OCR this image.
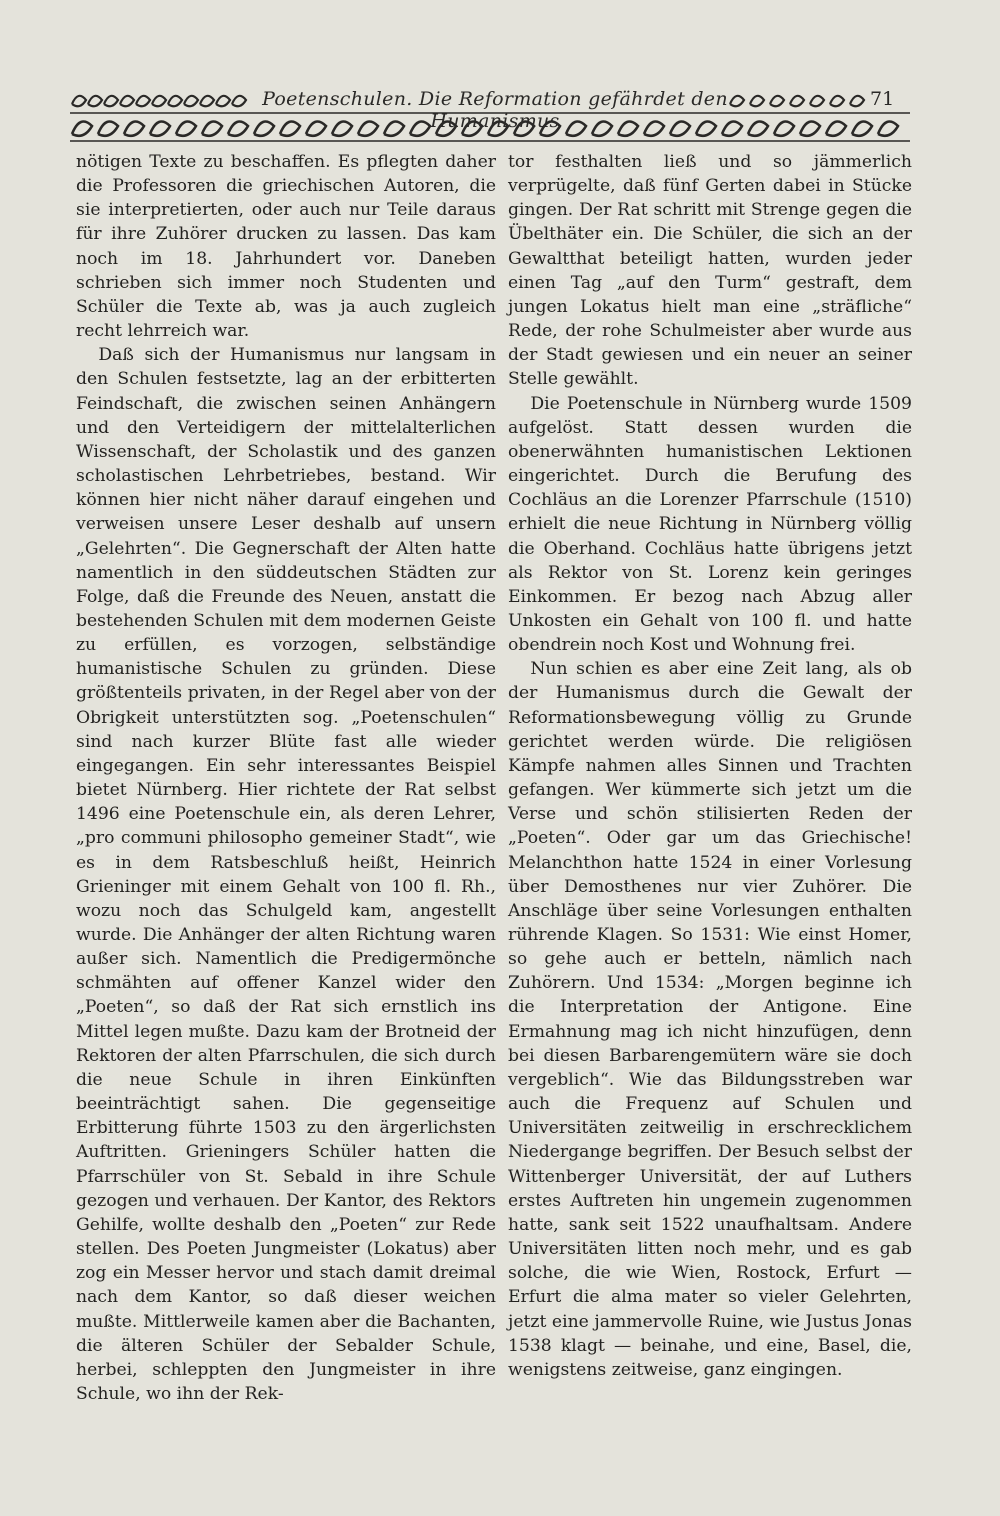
Poetenschulen. Die Reformation gefährdet den Humanismus
71

nötigen Texte zu beschaffen. Es pflegten daher die Professoren die griechischen Autoren, die sie interpretierten, oder auch nur Teile daraus für ihre Zuhörer drucken zu lassen. Das kam noch im 18. Jahrhundert vor. Daneben schrieben sich immer noch Studenten und Schüler die Texte ab, was ja auch zugleich recht lehrreich war.

Daß sich der Humanismus nur langsam in den Schulen festsetzte, lag an der erbitterten Feindschaft, die zwischen seinen Anhängern und den Verteidigern der mittelalterlichen Wissenschaft, der Scholastik und des ganzen scholastischen Lehrbetriebes, bestand. Wir können hier nicht näher darauf eingehen und verweisen unsere Leser deshalb auf unsern „Gelehrten“. Die Gegnerschaft der Alten hatte namentlich in den süddeutschen Städten zur Folge, daß die Freunde des Neuen, anstatt die bestehenden Schulen mit dem modernen Geiste zu erfüllen, es vorzogen, selbständige humanistische Schulen zu gründen. Diese größtenteils privaten, in der Regel aber von der Obrigkeit unterstützten sog. „Poetenschulen“ sind nach kurzer Blüte fast alle wieder eingegangen. Ein sehr interessantes Beispiel bietet Nürnberg. Hier richtete der Rat selbst 1496 eine Poetenschule ein, als deren Lehrer, „pro communi philosopho gemeiner Stadt“, wie es in dem Ratsbeschluß heißt, Heinrich Grieninger mit einem Gehalt von 100 fl. Rh., wozu noch das Schulgeld kam, angestellt wurde. Die Anhänger der alten Richtung waren außer sich. Namentlich die Predigermönche schmähten auf offener Kanzel wider den „Poeten“, so daß der Rat sich ernstlich ins Mittel legen mußte. Dazu kam der Brotneid der Rektoren der alten Pfarrschulen, die sich durch die neue Schule in ihren Einkünften beeinträchtigt sahen. Die gegenseitige Erbitterung führte 1503 zu den ärgerlichsten Auftritten. Grieningers Schüler hatten die Pfarrschüler von St. Sebald in ihre Schule gezogen und verhauen. Der Kantor, des Rektors Gehilfe, wollte deshalb den „Poeten“ zur Rede stellen. Des Poeten Jungmeister (Lokatus) aber zog ein Messer hervor und stach damit dreimal nach dem Kantor, so daß dieser weichen mußte. Mittlerweile kamen aber die Bachanten, die älteren Schüler der Sebalder Schule, herbei, schleppten den Jungmeister in ihre Schule, wo ihn der Rek-

tor festhalten ließ und so jämmerlich verprügelte, daß fünf Gerten dabei in Stücke gingen. Der Rat schritt mit Strenge gegen die Übelthäter ein. Die Schüler, die sich an der Gewaltthat beteiligt hatten, wurden jeder einen Tag „auf den Turm“ gestraft, dem jungen Lokatus hielt man eine „sträfliche“ Rede, der rohe Schulmeister aber wurde aus der Stadt gewiesen und ein neuer an seiner Stelle gewählt.

Die Poetenschule in Nürnberg wurde 1509 aufgelöst. Statt dessen wurden die obenerwähnten humanistischen Lektionen eingerichtet. Durch die Berufung des Cochläus an die Lorenzer Pfarrschule (1510) erhielt die neue Richtung in Nürnberg völlig die Oberhand. Cochläus hatte übrigens jetzt als Rektor von St. Lorenz kein geringes Einkommen. Er bezog nach Abzug aller Unkosten ein Gehalt von 100 fl. und hatte obendrein noch Kost und Wohnung frei.

Nun schien es aber eine Zeit lang, als ob der Humanismus durch die Gewalt der Reformationsbewegung völlig zu Grunde gerichtet werden würde. Die religiösen Kämpfe nahmen alles Sinnen und Trachten gefangen. Wer kümmerte sich jetzt um die Verse und schön stilisierten Reden der „Poeten“. Oder gar um das Griechische! Melanchthon hatte 1524 in einer Vorlesung über Demosthenes nur vier Zuhörer. Die Anschläge über seine Vorlesungen enthalten rührende Klagen. So 1531: Wie einst Homer, so gehe auch er betteln, nämlich nach Zuhörern. Und 1534: „Morgen beginne ich die Interpretation der Antigone. Eine Ermahnung mag ich nicht hinzufügen, denn bei diesen Barbarengemütern wäre sie doch vergeblich“. Wie das Bildungsstreben war auch die Frequenz auf Schulen und Universitäten zeitweilig in erschrecklichem Niedergange begriffen. Der Besuch selbst der Wittenberger Universität, der auf Luthers erstes Auftreten hin ungemein zugenommen hatte, sank seit 1522 unaufhaltsam. Andere Universitäten litten noch mehr, und es gab solche, die wie Wien, Rostock, Erfurt — Erfurt die alma mater so vieler Gelehrten, jetzt eine jammervolle Ruine, wie Justus Jonas 1538 klagt — beinahe, und eine, Basel, die, wenigstens zeitweise, ganz eingingen.
